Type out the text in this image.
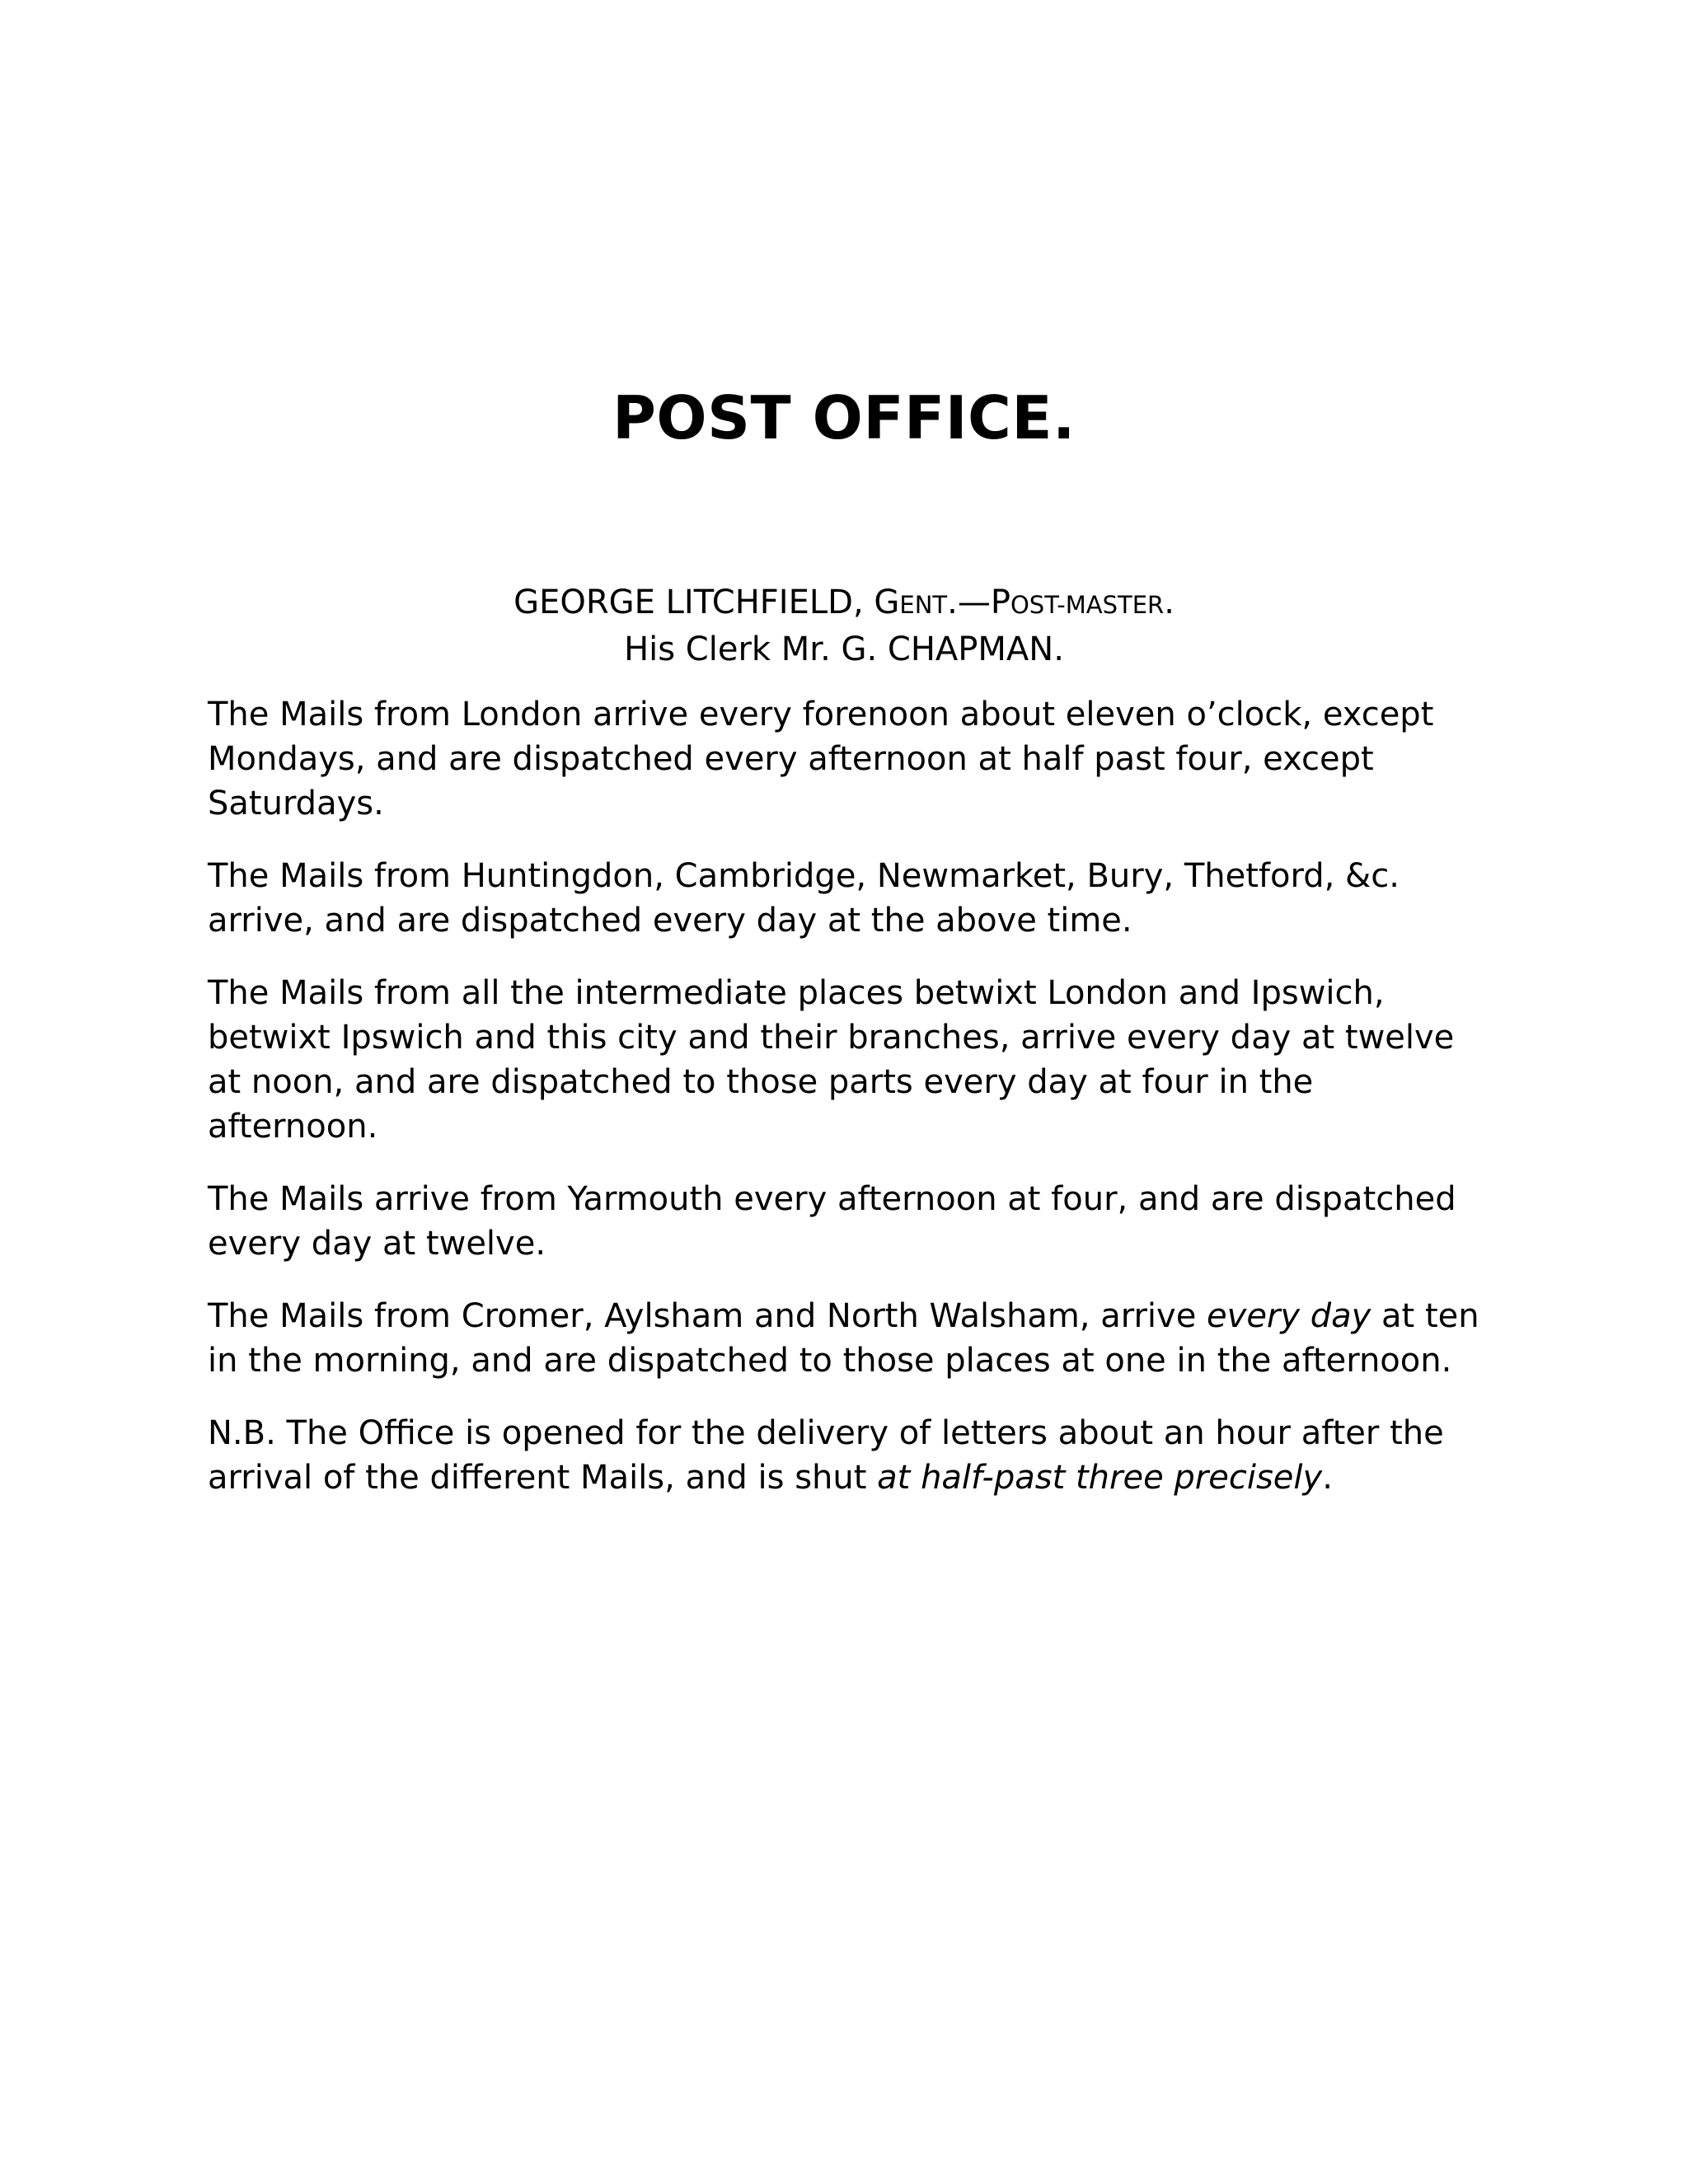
POST OFFICE.
GEORGE LITCHFIELD, GENT.—POST-MASTER.
His Clerk Mr. G. CHAPMAN.

The Mails from London arrive every forenoon about eleven o’clock, except Mondays, and are dispatched every afternoon at half past four, except Saturdays.

The Mails from Huntingdon, Cambridge, Newmarket, Bury, Thetford, &c. arrive, and are dispatched every day at the above time.

The Mails from all the intermediate places betwixt London and Ipswich, betwixt Ipswich and this city and their branches, arrive every day at twelve at noon, and are dispatched to those parts every day at four in the afternoon.

The Mails arrive from Yarmouth every afternoon at four, and are dispatched every day at twelve.

The Mails from Cromer, Aylsham and North Walsham, arrive every day at ten in the morning, and are dispatched to those places at one in the afternoon.

N.B. The Office is opened for the delivery of letters about an hour after the arrival of the different Mails, and is shut at half-past three precisely.
